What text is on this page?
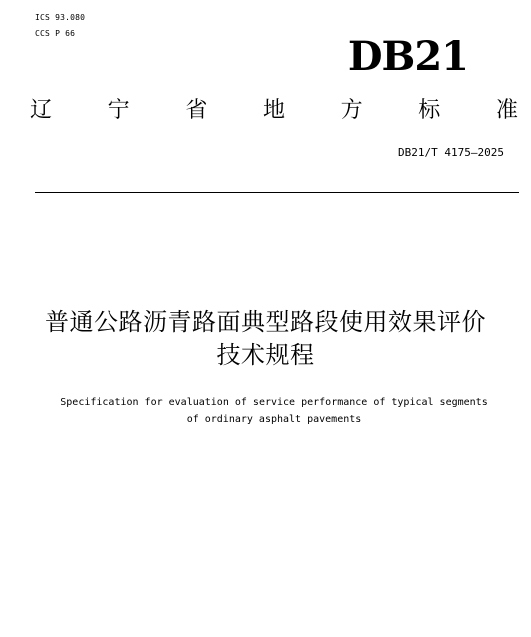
ICS 93.080
CCS P 66	DB21
辽	宁	省	地	方	标	准
DB21/T 4175—2025
普通公路沥青路面典型路段使用效果评价
技术规程
Specification for evaluation of service performance of typical segments
of ordinary asphalt pavements
